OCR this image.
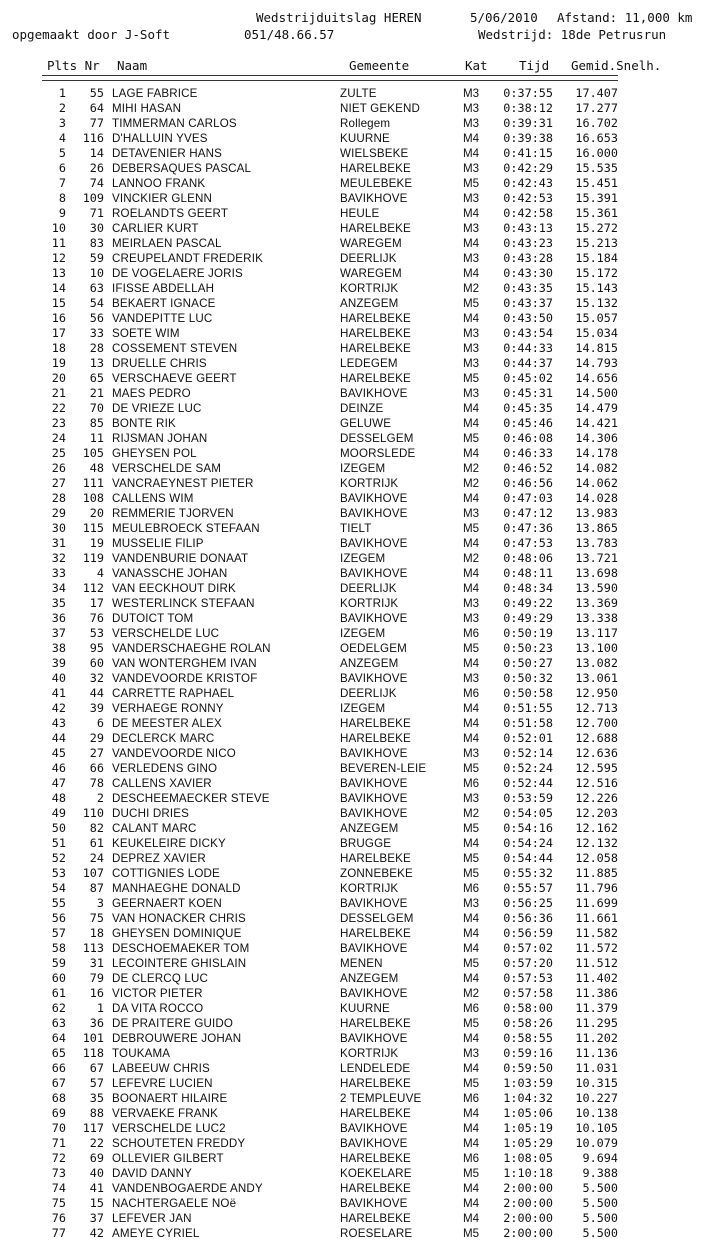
Wedstrijduitslag HEREN	5/06/2010 Afstand: 11,000 km
opgemaakt door J-Soft	051/48.66.57	Wedstrijd: 18de Petrusrun
Plts Nr Naam	Gemeente	Kat	Tijd Gemid.Snelh.
1	55 LAGE FABRICE	ZULTE	M3	0:37:55	17.407
2	64 MIHI HASAN	NIET GEKEND	M3	0:38:12	17.277
3	77 TIMMERMAN CARLOS	Rollegem	M3	0:39:31	16.702
4	116 D'HALLUIN YVES	KUURNE	M4	0:39:38	16.653
5	14 DETAVENIER HANS	WIELSBEKE	M4	0:41:15	16.000
6	26 DEBERSAQUES PASCAL	HARELBEKE	M3	0:42:29	15.535
7	74 LANNOO FRANK	MEULEBEKE	M5	0:42:43	15.451
8	109 VINCKIER GLENN	BAVIKHOVE	M3	0:42:53	15.391
9	71 ROELANDTS GEERT	HEULE	M4	0:42:58	15.361
10	30 CARLIER KURT	HARELBEKE	M3	0:43:13	15.272
11	83 MEIRLAEN PASCAL	WAREGEM	M4	0:43:23	15.213
12	59 CREUPELANDT FREDERIK	DEERLIJK	M3	0:43:28	15.184
13	10 DE VOGELAERE JORIS	WAREGEM	M4	0:43:30	15.172
14	63 IFISSE ABDELLAH	KORTRIJK	M2	0:43:35	15.143
15	54 BEKAERT IGNACE	ANZEGEM	M5	0:43:37	15.132
16	56 VANDEPITTE LUC	HARELBEKE	M4	0:43:50	15.057
17	33 SOETE WIM	HARELBEKE	M3	0:43:54	15.034
18	28 COSSEMENT STEVEN	HARELBEKE	M3	0:44:33	14.815
19	13 DRUELLE CHRIS	LEDEGEM	M3	0:44:37	14.793
20	65 VERSCHAEVE GEERT	HARELBEKE	M5	0:45:02	14.656
21	21 MAES PEDRO	BAVIKHOVE	M3	0:45:31	14.500
22	70 DE VRIEZE LUC	DEINZE	M4	0:45:35	14.479
23	85 BONTE RIK	GELUWE	M4	0:45:46	14.421
24	11 RIJSMAN JOHAN	DESSELGEM	M5	0:46:08	14.306
25	105 GHEYSEN POL	MOORSLEDE	M4	0:46:33	14.178
26	48 VERSCHELDE SAM	IZEGEM	M2	0:46:52	14.082
27	111 VANCRAEYNEST PIETER	KORTRIJK	M2	0:46:56	14.062
28	108 CALLENS WIM	BAVIKHOVE	M4	0:47:03	14.028
29	20 REMMERIE TJORVEN	BAVIKHOVE	M3	0:47:12	13.983
30	115 MEULEBROECK STEFAAN	TIELT	M5	0:47:36	13.865
31	19 MUSSELIE FILIP	BAVIKHOVE	M4	0:47:53	13.783
32	119 VANDENBURIE DONAAT	IZEGEM	M2	0:48:06	13.721
33	4 VANASSCHE JOHAN	BAVIKHOVE	M4	0:48:11	13.698
34	112 VAN EECKHOUT DIRK	DEERLIJK	M4	0:48:34	13.590
35	17 WESTERLINCK STEFAAN	KORTRIJK	M3	0:49:22	13.369
36	76 DUTOICT TOM	BAVIKHOVE	M3	0:49:29	13.338
37	53 VERSCHELDE LUC	IZEGEM	M6	0:50:19	13.117
38	95 VANDERSCHAEGHE ROLAN	OEDELGEM	M5	0:50:23	13.100
39	60 VAN WONTERGHEM IVAN	ANZEGEM	M4	0:50:27	13.082
40	32 VANDEVOORDE KRISTOF	BAVIKHOVE	M3	0:50:32	13.061
41	44 CARRETTE RAPHAEL	DEERLIJK	M6	0:50:58	12.950
42	39 VERHAEGE RONNY	IZEGEM	M4	0:51:55	12.713
43	6 DE MEESTER ALEX	HARELBEKE	M4	0:51:58	12.700
44	29 DECLERCK MARC	HARELBEKE	M4	0:52:01	12.688
45	27 VANDEVOORDE NICO	BAVIKHOVE	M3	0:52:14	12.636
46	66 VERLEDENS GINO	BEVEREN-LEIE	M5	0:52:24	12.595
47	78 CALLENS XAVIER	BAVIKHOVE	M6	0:52:44	12.516
48	2 DESCHEEMAECKER STEVE	BAVIKHOVE	M3	0:53:59	12.226
49	110 DUCHI DRIES	BAVIKHOVE	M2	0:54:05	12.203
50	82 CALANT MARC	ANZEGEM	M5	0:54:16	12.162
51	61 KEUKELEIRE DICKY	BRUGGE	M4	0:54:24	12.132
52	24 DEPREZ XAVIER	HARELBEKE	M5	0:54:44	12.058
53	107 COTTIGNIES LODE	ZONNEBEKE	M5	0:55:32	11.885
54	87 MANHAEGHE DONALD	KORTRIJK	M6	0:55:57	11.796
55	3 GEERNAERT KOEN	BAVIKHOVE	M3	0:56:25	11.699
56	75 VAN HONACKER CHRIS	DESSELGEM	M4	0:56:36	11.661
57	18 GHEYSEN DOMINIQUE	HARELBEKE	M4	0:56:59	11.582
58	113 DESCHOEMAEKER TOM	BAVIKHOVE	M4	0:57:02	11.572
59	31 LECOINTERE GHISLAIN	MENEN	M5	0:57:20	11.512
60	79 DE CLERCQ LUC	ANZEGEM	M4	0:57:53	11.402
61	16 VICTOR PIETER	BAVIKHOVE	M2	0:57:58	11.386
62	1 DA VITA ROCCO	KUURNE	M6	0:58:00	11.379
63	36 DE PRAITERE GUIDO	HARELBEKE	M5	0:58:26	11.295
64	101 DEBROUWERE JOHAN	BAVIKHOVE	M4	0:58:55	11.202
65	118 TOUKAMA	KORTRIJK	M3	0:59:16	11.136
66	67 LABEEUW CHRIS	LENDELEDE	M4	0:59:50	11.031
67	57 LEFEVRE LUCIEN	HARELBEKE	M5	1:03:59	10.315
68	35 BOONAERT HILAIRE	2 TEMPLEUVE	M6	1:04:32	10.227
69	88 VERVAEKE FRANK	HARELBEKE	M4	1:05:06	10.138
70	117 VERSCHELDE LUC2	BAVIKHOVE	M4	1:05:19	10.105
71	22 SCHOUTETEN FREDDY	BAVIKHOVE	M4	1:05:29	10.079
72	69 OLLEVIER GILBERT	HARELBEKE	M6	1:08:05	9.694
73	40 DAVID DANNY	KOEKELARE	M5	1:10:18	9.388
74	41 VANDENBOGAERDE ANDY	HARELBEKE	M4	2:00:00	5.500
75	15 NACHTERGAELE NOë	BAVIKHOVE	M4	2:00:00	5.500
76	37 LEFEVER JAN	HARELBEKE	M4	2:00:00	5.500
77	42 AMEYE CYRIEL	ROESELARE	M5	2:00:00	5.500
